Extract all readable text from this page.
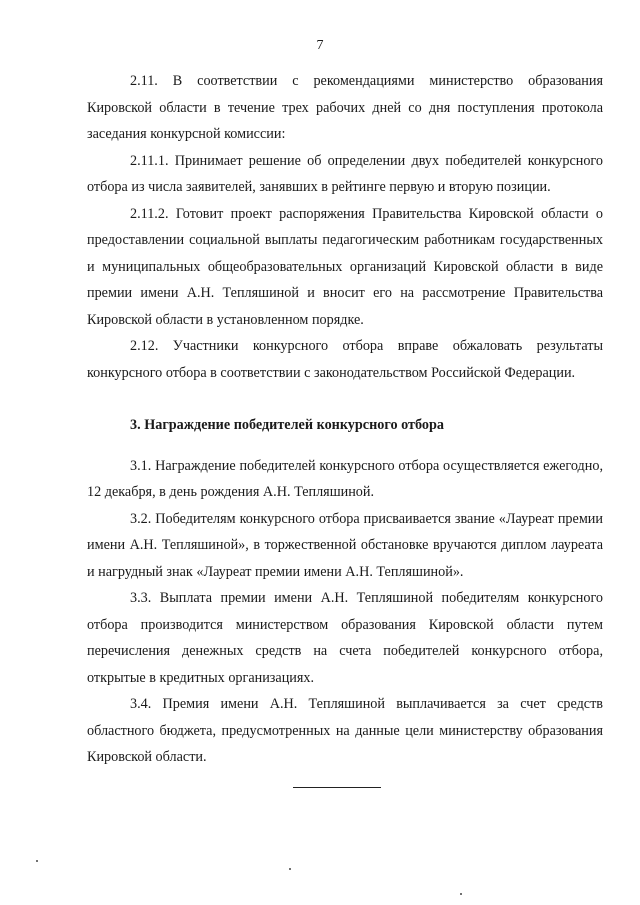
7

2.11. В соответствии с рекомендациями министерство образования Кировской области в течение трех рабочих дней со дня поступления протокола заседания конкурсной комиссии:

2.11.1. Принимает решение об определении двух победителей конкурсного отбора из числа заявителей, занявших в рейтинге первую и вторую позиции.

2.11.2. Готовит проект распоряжения Правительства Кировской области о предоставлении социальной выплаты педагогическим работникам государственных и муниципальных общеобразовательных организаций Кировской области в виде премии имени А.Н. Тепляшиной и вносит его на рассмотрение Правительства Кировской области в установленном порядке.

2.12. Участники конкурсного отбора вправе обжаловать результаты конкурсного отбора в соответствии с законодательством Российской Федерации.

3. Награждение победителей конкурсного отбора

3.1. Награждение победителей конкурсного отбора осуществляется ежегодно, 12 декабря, в день рождения А.Н. Тепляшиной.

3.2. Победителям конкурсного отбора присваивается звание «Лауреат премии имени А.Н. Тепляшиной», в торжественной обстановке вручаются диплом лауреата и нагрудный знак «Лауреат премии имени А.Н. Тепляшиной».

3.3. Выплата премии имени А.Н. Тепляшиной победителям конкурсного отбора производится министерством образования Кировской области путем перечисления денежных средств на счета победителей конкурсного отбора, открытые в кредитных организациях.

3.4. Премия имени А.Н. Тепляшиной выплачивается за счет средств областного бюджета, предусмотренных на данные цели министерству образования Кировской области.
